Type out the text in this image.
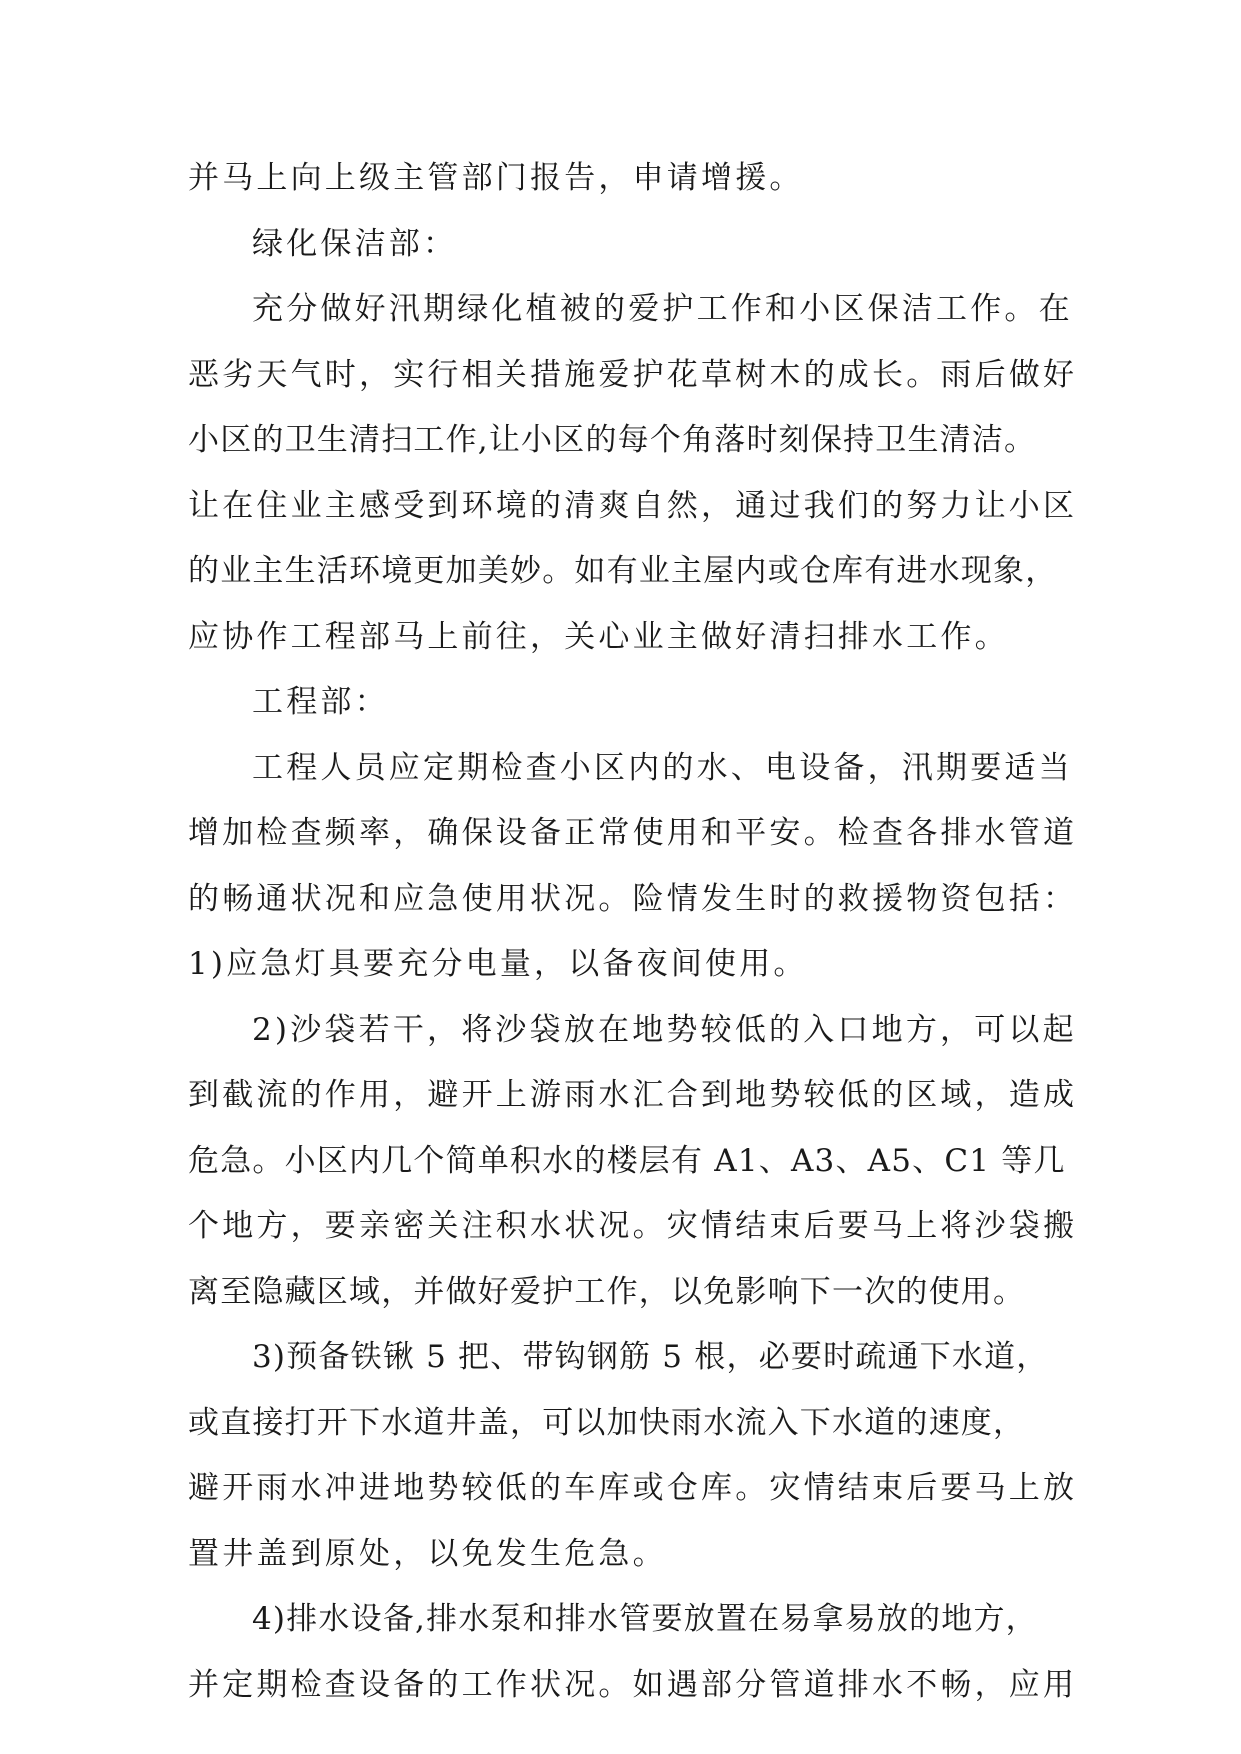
并马上向上级主管部门报告，申请增援。
绿化保洁部：
充分做好汛期绿化植被的爱护工作和小区保洁工作。在
恶劣天气时，实行相关措施爱护花草树木的成长。雨后做好
小区的卫生清扫工作,让小区的每个角落时刻保持卫生清洁。
让在住业主感受到环境的清爽自然，通过我们的努力让小区
的业主生活环境更加美妙。如有业主屋内或仓库有进水现象，
应协作工程部马上前往，关心业主做好清扫排水工作。
工程部：
工程人员应定期检查小区内的水、电设备，汛期要适当
增加检查频率，确保设备正常使用和平安。检查各排水管道
的畅通状况和应急使用状况。险情发生时的救援物资包括：
1)应急灯具要充分电量，以备夜间使用。
2)沙袋若干，将沙袋放在地势较低的入口地方，可以起
到截流的作用，避开上游雨水汇合到地势较低的区域，造成
危急。小区内几个简单积水的楼层有 A1、A3、A5、C1 等几
个地方，要亲密关注积水状况。灾情结束后要马上将沙袋搬
离至隐藏区域，并做好爱护工作，以免影响下一次的使用。
3)预备铁锹 5 把、带钩钢筋 5 根，必要时疏通下水道，
或直接打开下水道井盖，可以加快雨水流入下水道的速度，
避开雨水冲进地势较低的车库或仓库。灾情结束后要马上放
置井盖到原处，以免发生危急。
4)排水设备,排水泵和排水管要放置在易拿易放的地方，
并定期检查设备的工作状况。如遇部分管道排水不畅，应用
